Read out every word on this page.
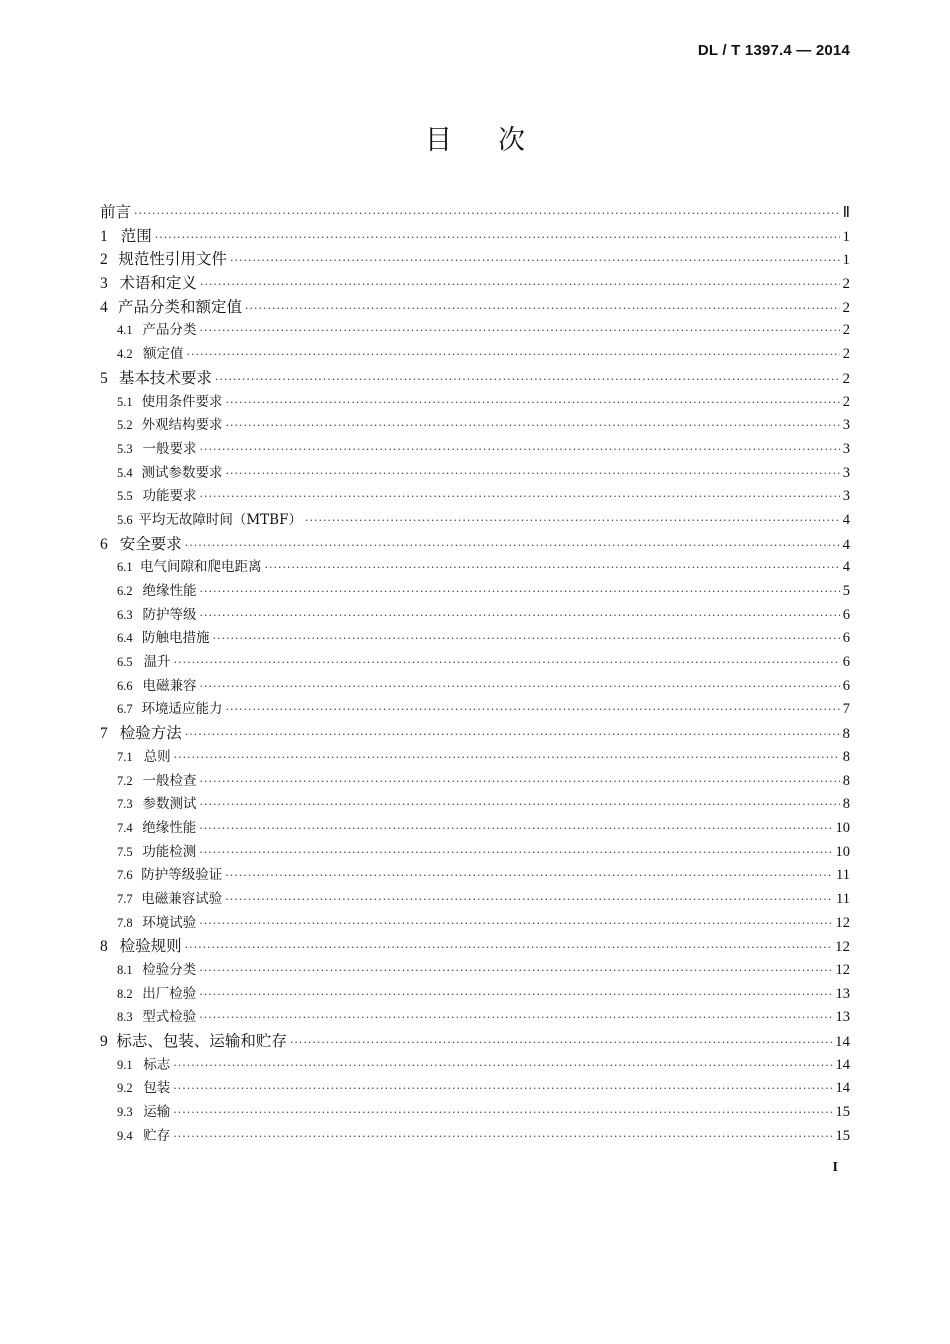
DL / T 1397.4 — 2014
目次
前言 ·····	Ⅱ
1 范围 ·····	1
2 规范性引用文件 ·····	1
3 术语和定义 ·····	2
4 产品分类和额定值 ·····	2
4.1 产品分类 ·····	2
4.2 额定值 ·····	2
5 基本技术要求 ·····	2
5.1 使用条件要求 ·····	2
5.2 外观结构要求 ·····	3
5.3 一般要求 ·····	3
5.4 测试参数要求 ·····	3
5.5 功能要求 ·····	3
5.6 平均无故障时间（MTBF） ·····	4
6 安全要求 ·····	4
6.1 电气间隙和爬电距离 ·····	4
6.2 绝缘性能 ·····	5
6.3 防护等级 ·····	6
6.4 防触电措施 ·····	6
6.5 温升 ·····	6
6.6 电磁兼容 ·····	6
6.7 环境适应能力 ·····	7
7 检验方法 ·····	8
7.1 总则 ·····	8
7.2 一般检查 ·····	8
7.3 参数测试 ·····	8
7.4 绝缘性能 ·····	10
7.5 功能检测 ·····	10
7.6 防护等级验证 ·····	11
7.7 电磁兼容试验 ·····	11
7.8 环境试验 ·····	12
8 检验规则 ·····	12
8.1 检验分类 ·····	12
8.2 出厂检验 ·····	13
8.3 型式检验 ·····	13
9 标志、包装、运输和贮存 ·····	14
9.1 标志 ·····	14
9.2 包装 ·····	14
9.3 运输 ·····	15
9.4 贮存 ·····	15
I
